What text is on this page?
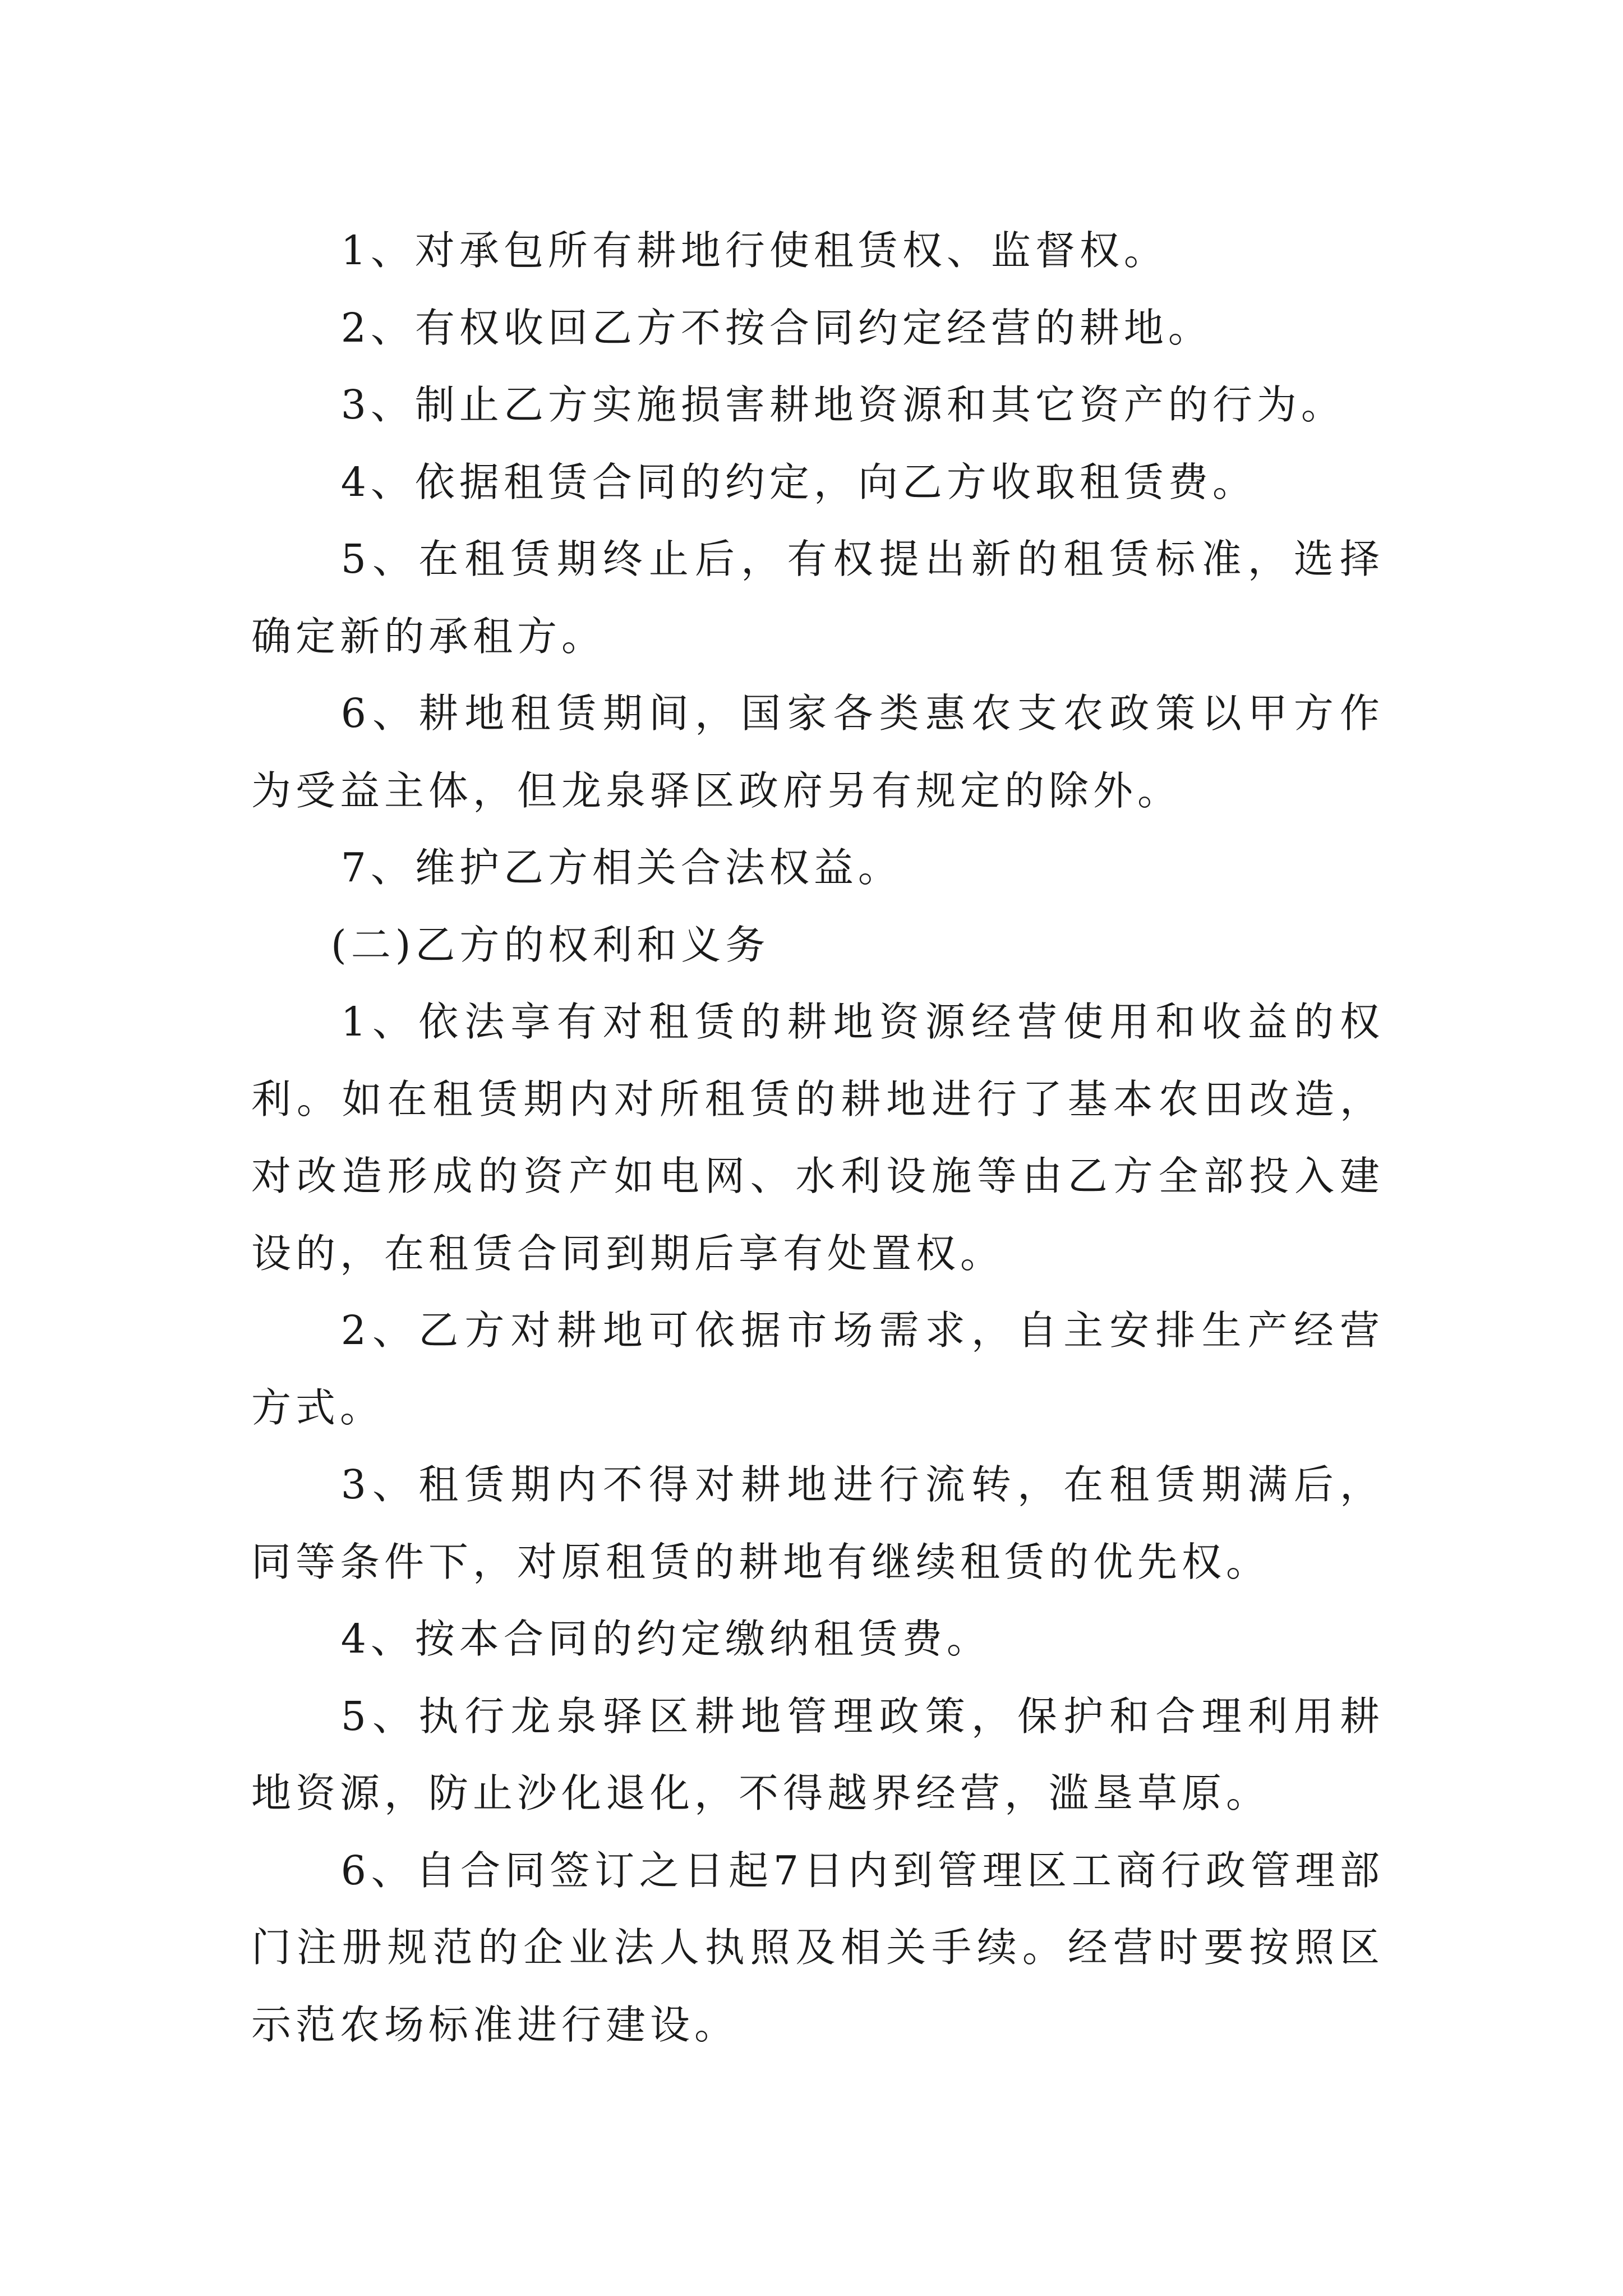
1、对承包所有耕地行使租赁权、监督权。

2、有权收回乙方不按合同约定经营的耕地。

3、制止乙方实施损害耕地资源和其它资产的行为。

4、依据租赁合同的约定，向乙方收取租赁费。

5、在租赁期终止后，有权提出新的租赁标准，选择确定新的承租方。

6、耕地租赁期间，国家各类惠农支农政策以甲方作为受益主体，但龙泉驿区政府另有规定的除外。

7、维护乙方相关合法权益。

(二)乙方的权利和义务

1、依法享有对租赁的耕地资源经营使用和收益的权利。如在租赁期内对所租赁的耕地进行了基本农田改造，对改造形成的资产如电网、水利设施等由乙方全部投入建设的，在租赁合同到期后享有处置权。

2、乙方对耕地可依据市场需求，自主安排生产经营方式。

3、租赁期内不得对耕地进行流转，在租赁期满后，同等条件下，对原租赁的耕地有继续租赁的优先权。

4、按本合同的约定缴纳租赁费。

5、执行龙泉驿区耕地管理政策，保护和合理利用耕地资源，防止沙化退化，不得越界经营，滥垦草原。

6、自合同签订之日起7日内到管理区工商行政管理部门注册规范的企业法人执照及相关手续。经营时要按照区示范农场标准进行建设。
